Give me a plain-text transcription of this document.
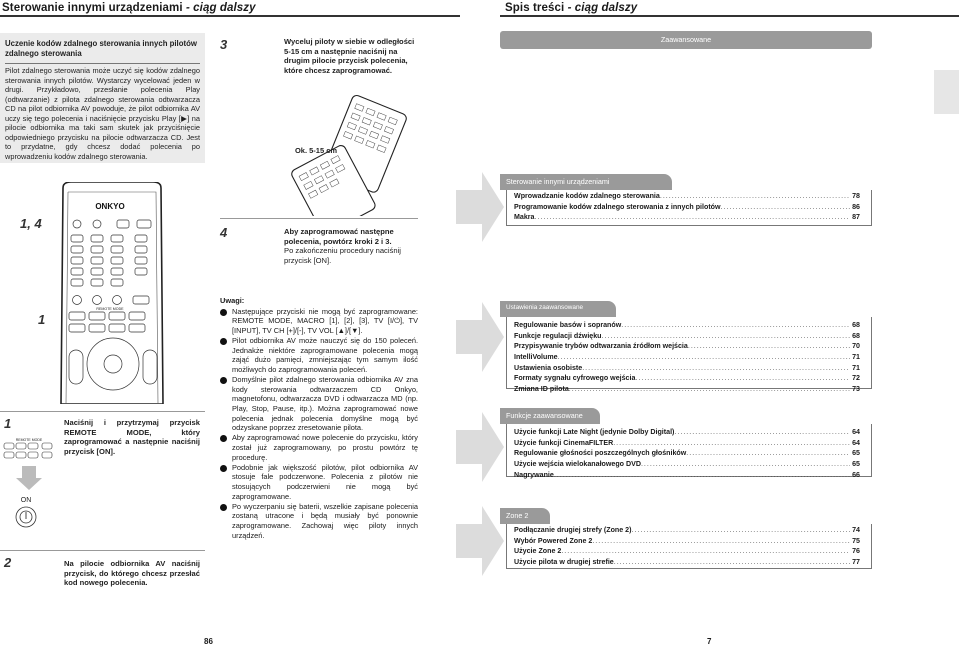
Sterowanie innymi urządzeniami - ciąg dalszy	Spis treści - ciąg dalszy
Uczenie kodów zdalnego sterowania innych pilotów zdalnego sterowania
Pilot zdalnego sterowania może uczyć się kodów zdalnego sterowania innych pilotów. Wystarczy wycelować jeden w drugi. Przykładowo, przesłanie polecenia Play (odtwarzanie) z pilota zdalnego sterowania odtwarzacza CD na pilot odbiornika AV powoduje, że pilot odbiornika AV uczy się tego polecenia i naciśnięcie przycisku Play [▶] na pilocie odbiornika ma taki sam skutek jak przyciśnięcie odpowiedniego przycisku na pilocie odtwarzacza CD. Jest to przydatne, gdy chcesz dodać polecenia po wprowadzeniu kodów zdalnego sterowania.
1, 4
1
ONKYO
REMOTE MODE
1	Naciśnij i przytrzymaj przycisk REMOTE MODE, który zaprogramować a następnie naciśnij przycisk [ON].
REMOTE MODE
ON
2	Na pilocie odbiornika AV naciśnij przycisk, do którego chcesz przesłać kod nowego polecenia.
3	Wyceluj piloty w siebie w odległości 5-15 cm a następnie naciśnij na drugim pilocie przycisk polecenia, które chcesz zaprogramować.
Ok. 5-15 cm
4	Aby zaprogramować następne polecenia, powtórz kroki 2 i 3.
Po zakończeniu procedury naciśnij przycisk [ON].
Uwagi:
Następujące przyciski nie mogą być zaprogramowane: REMOTE MODE, MACRO [1], [2], [3], TV [I/⏻], TV [INPUT], TV CH [+]/[-], TV VOL [▲]/[▼].
Pilot odbiornika AV może nauczyć się do 150 poleceń. Jednakże niektóre zaprogramowane polecenia mogą zająć dużo pamięci, zmniejszając tym samym ilość możliwych do zaprogramowania poleceń.
Domyślnie pilot zdalnego sterowania odbiornika AV zna kody sterowania odtwarzaczem CD Onkyo, magnetofonu, odtwarzacza DVD i odtwarzacza MD (np. Play, Stop, Pause, itp.). Można zaprogramować nowe polecenia jednak polecenia domyślne mogą być odzyskane poprzez zresetowanie pilota.
Aby zaprogramować nowe polecenie do przycisku, który został już zaprogramowany, po prostu powtórz tę procedurę.
Podobnie jak większość pilotów, pilot odbiornika AV stosuje fale podczerwone. Polecenia z pilotów nie stosujących podczerwieni nie mogą być zaprogramowane.
Po wyczerpaniu się baterii, wszelkie zapisane polecenia zostaną utracone i będą musiały być ponownie zaprogramowane. Zachowaj więc piloty innych urządzeń.
Zaawansowane
Sterowanie innymi urządzeniami
Wprowadzanie kodów zdalnego sterowania .....	78
Programowanie kodów zdalnego sterowania z innych pilotów .....	86
Makra .....	87
Ustawienia zaawansowane
Regulowanie basów i sopranów .....	68
Funkcje regulacji dźwięku .....	68
Przypisywanie trybów odtwarzania źródłom wejścia .....	70
IntelliVolume .....	71
Ustawienia osobiste .....	71
Formaty sygnału cyfrowego wejścia .....	72
Zmiana ID pilota .....	73
Funkcje zaawansowane
Użycie funkcji Late Night (jedynie Dolby Digital) .....	64
Użycie funkcji CinemaFILTER .....	64
Regulowanie głośności poszczególnych głośników .....	65
Użycie wejścia wielokanałowego DVD .....	65
Nagrywanie .....	66
Zone 2
Podłączanie drugiej strefy (Zone 2) .....	74
Wybór Powered Zone 2 .....	75
Użycie Zone 2 .....	76
Użycie pilota w drugiej strefie .....	77
86	7
